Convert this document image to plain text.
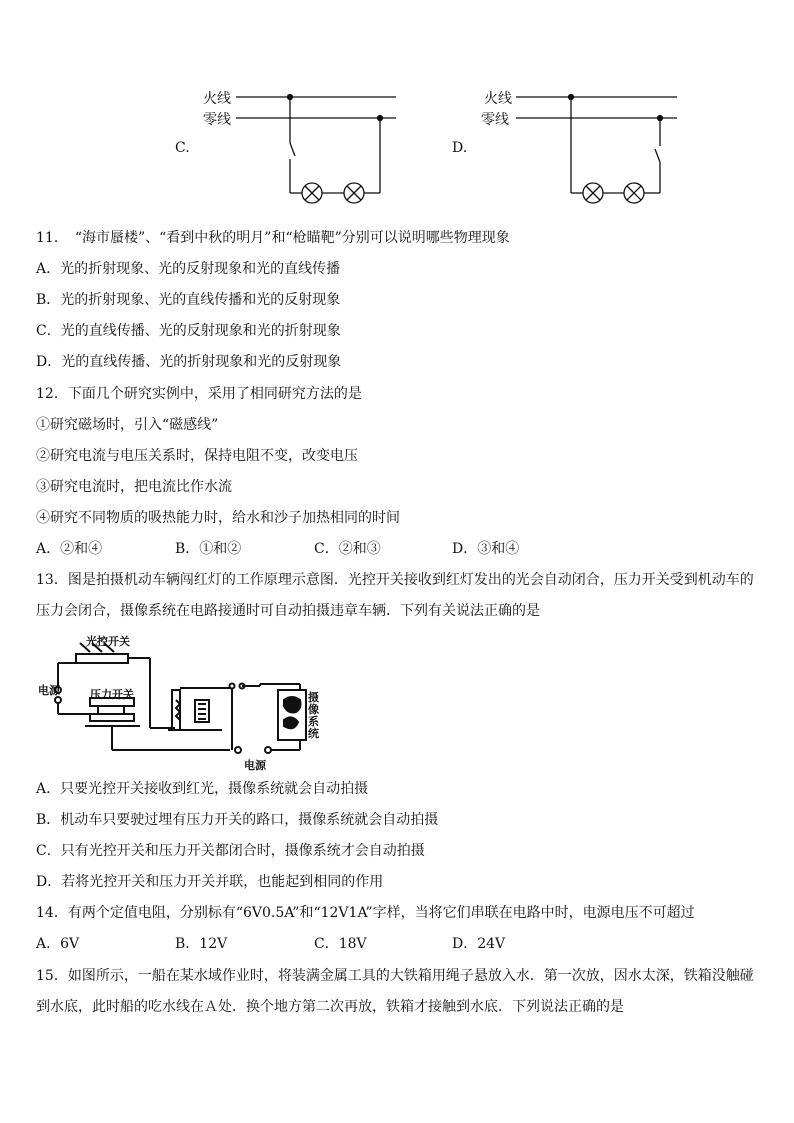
C.
火线
零线
D.
火线
零线
11．　“海市蜃楼”、“看到中秋的明月”和“枪瞄靶”分别可以说明哪些物理现象
A．光的折射现象、光的反射现象和光的直线传播
B．光的折射现象、光的直线传播和光的反射现象
C．光的直线传播、光的反射现象和光的折射现象
D．光的直线传播、光的折射现象和光的反射现象
12．下面几个研究实例中，采用了相同研究方法的是
①研究磁场时，引入“磁感线”
②研究电流与电压关系时，保持电阻不变，改变电压
③研究电流时，把电流比作水流
④研究不同物质的吸热能力时，给水和沙子加热相同的时间
A．②和④	B．①和②	C．②和③	D．③和④
13．图是拍摄机动车辆闯红灯的工作原理示意图．光控开关接收到红灯发出的光会自动闭合，压力开关受到机动车的
压力会闭合，摄像系统在电路接通时可自动拍摄违章车辆．下列有关说法正确的是
光控开关
电源	压力开关	摄像系统
电源
A．只要光控开关接收到红光，摄像系统就会自动拍摄
B．机动车只要驶过埋有压力开关的路口，摄像系统就会自动拍摄
C．只有光控开关和压力开关都闭合时，摄像系统才会自动拍摄
D．若将光控开关和压力开关并联，也能起到相同的作用
14．有两个定值电阻，分别标有“6V0.5A”和“12V1A”字样，当将它们串联在电路中时，电源电压不可超过
A．6V	B．12V	C．18V	D．24V
15．如图所示，一船在某水域作业时，将装满金属工具的大铁箱用绳子悬放入水．第一次放，因水太深，铁箱没触碰
到水底，此时船的吃水线在Ａ处．换个地方第二次再放，铁箱才接触到水底．下列说法正确的是
